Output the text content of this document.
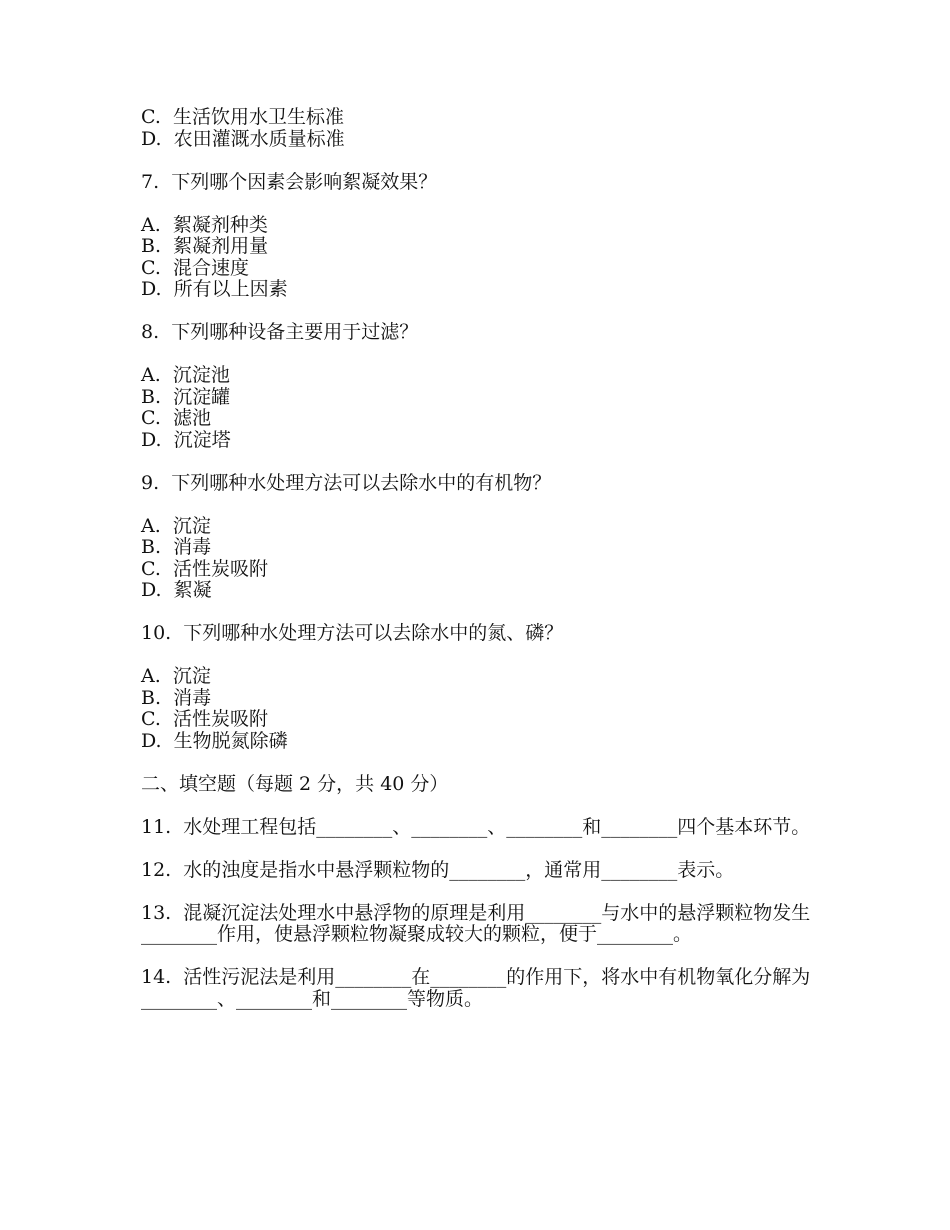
C.  生活饮用水卫生标准

D.  农田灌溉水质量标准

7.  下列哪个因素会影响絮凝效果？

A.  絮凝剂种类

B.  絮凝剂用量

C.  混合速度

D.  所有以上因素

8.  下列哪种设备主要用于过滤？

A.  沉淀池

B.  沉淀罐

C.  滤池

D.  沉淀塔

9.  下列哪种水处理方法可以去除水中的有机物？

A.  沉淀

B.  消毒

C.  活性炭吸附

D.  絮凝

10.  下列哪种水处理方法可以去除水中的氮、磷？

A.  沉淀

B.  消毒

C.  活性炭吸附

D.  生物脱氮除磷

二、填空题（每题 2 分，共 40 分）

11.  水处理工程包括________、________、________和________四个基本环节。

12.  水的浊度是指水中悬浮颗粒物的________，通常用________表示。

13.  混凝沉淀法处理水中悬浮物的原理是利用________与水中的悬浮颗粒物发生________作用，使悬浮颗粒物凝聚成较大的颗粒，便于________。

14.  活性污泥法是利用________在________的作用下，将水中有机物氧化分解为________、________和________等物质。
